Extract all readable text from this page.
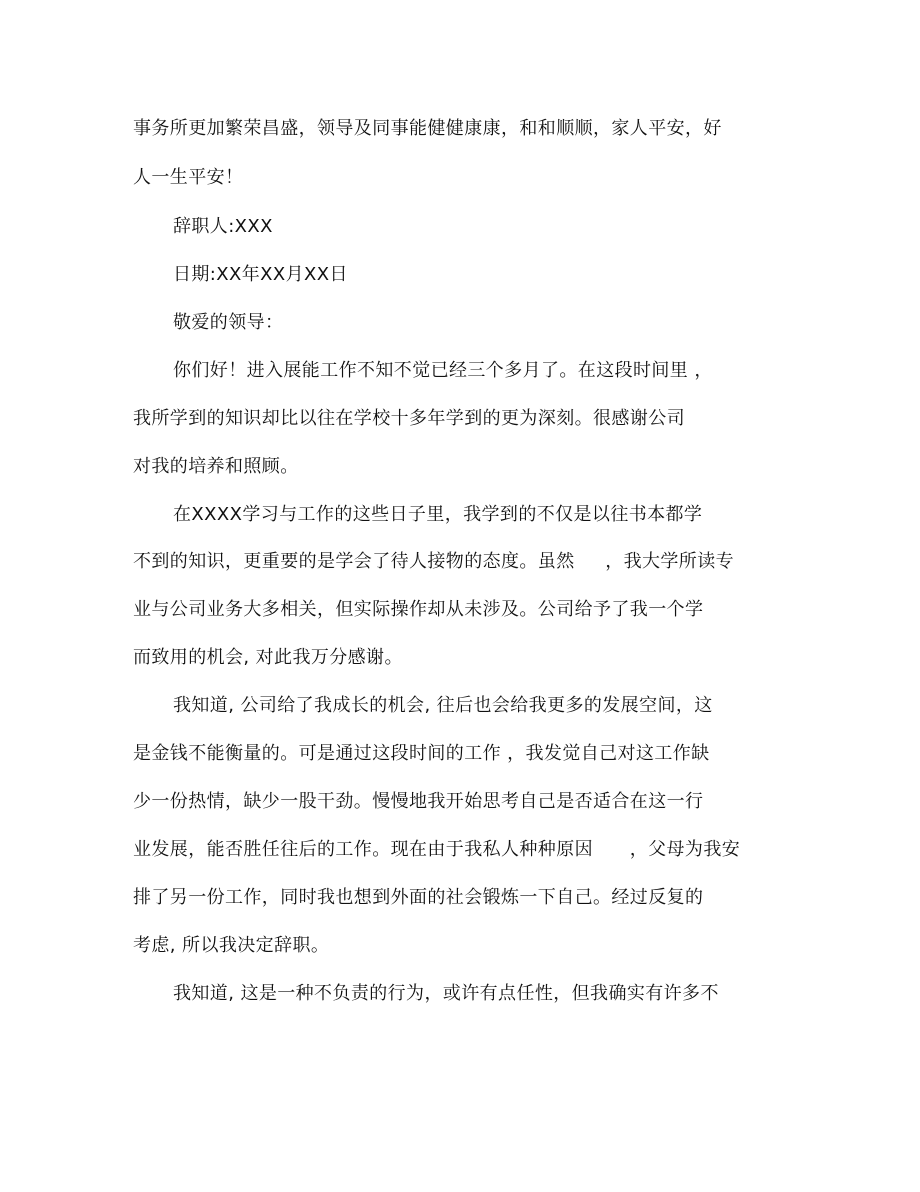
事务所更加繁荣昌盛，领导及同事能健健康康，和和顺顺，家人平安，好
人一生平安！
辞职人:XXX
日期:XX年XX月XX日
敬爱的领导：
你们好！进入展能工作不知不觉已经三个多月了。在这段时间里 ，
我所学到的知识却比以往在学校十多年学到的更为深刻。很感谢公司
对我的培养和照顾。
在XXXX学习与工作的这些日子里，我学到的不仅是以往书本都学
不到的知识，更重要的是学会了待人接物的态度。虽然     ，我大学所读专
业与公司业务大多相关，但实际操作却从未涉及。公司给予了我一个学
而致用的机会, 对此我万分感谢。
我知道, 公司给了我成长的机会, 往后也会给我更多的发展空间，这
是金钱不能衡量的。可是通过这段时间的工作 ，我发觉自己对这工作缺
少一份热情，缺少一股干劲。慢慢地我开始思考自己是否适合在这一行
业发展，能否胜任往后的工作。现在由于我私人种种原因      ，父母为我安
排了另一份工作，同时我也想到外面的社会锻炼一下自己。经过反复的
考虑, 所以我决定辞职。
我知道, 这是一种不负责的行为，或许有点任性，但我确实有许多不
